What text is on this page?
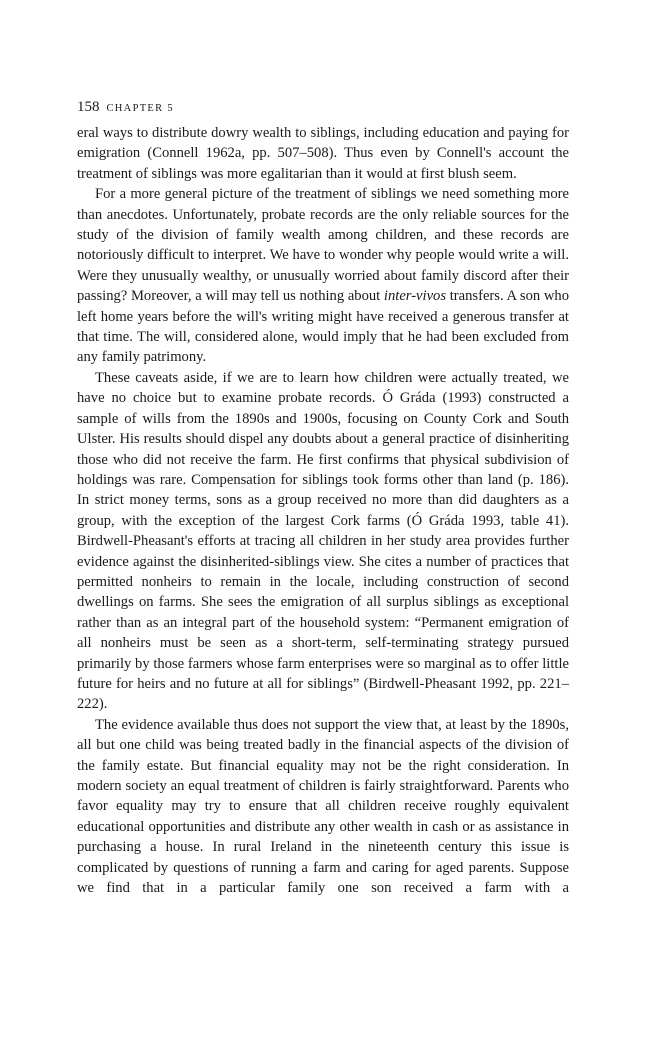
158 CHAPTER 5

eral ways to distribute dowry wealth to siblings, including education and paying for emigration (Connell 1962a, pp. 507–508). Thus even by Connell's account the treatment of siblings was more egalitarian than it would at first blush seem.

For a more general picture of the treatment of siblings we need something more than anecdotes. Unfortunately, probate records are the only reliable sources for the study of the division of family wealth among children, and these records are notoriously difficult to interpret. We have to wonder why people would write a will. Were they unusually wealthy, or unusually worried about family discord after their passing? Moreover, a will may tell us nothing about inter-vivos transfers. A son who left home years before the will's writing might have received a generous transfer at that time. The will, considered alone, would imply that he had been excluded from any family patrimony.

These caveats aside, if we are to learn how children were actually treated, we have no choice but to examine probate records. Ó Gráda (1993) constructed a sample of wills from the 1890s and 1900s, focusing on County Cork and South Ulster. His results should dispel any doubts about a general practice of disinheriting those who did not receive the farm. He first confirms that physical subdivision of holdings was rare. Compensation for siblings took forms other than land (p. 186). In strict money terms, sons as a group received no more than did daughters as a group, with the exception of the largest Cork farms (Ó Gráda 1993, table 41). Birdwell-Pheasant's efforts at tracing all children in her study area provides further evidence against the disinherited-siblings view. She cites a number of practices that permitted nonheirs to remain in the locale, including construction of second dwellings on farms. She sees the emigration of all surplus siblings as exceptional rather than as an integral part of the household system: “Permanent emigration of all nonheirs must be seen as a short-term, self-terminating strategy pursued primarily by those farmers whose farm enterprises were so marginal as to offer little future for heirs and no future at all for siblings” (Birdwell-Pheasant 1992, pp. 221–222).

The evidence available thus does not support the view that, at least by the 1890s, all but one child was being treated badly in the financial aspects of the division of the family estate. But financial equality may not be the right consideration. In modern society an equal treatment of children is fairly straightforward. Parents who favor equality may try to ensure that all children receive roughly equivalent educational opportunities and distribute any other wealth in cash or as assistance in purchasing a house. In rural Ireland in the nineteenth century this issue is complicated by questions of running a farm and caring for aged parents. Suppose we find that in a particular family one son received a farm with a
